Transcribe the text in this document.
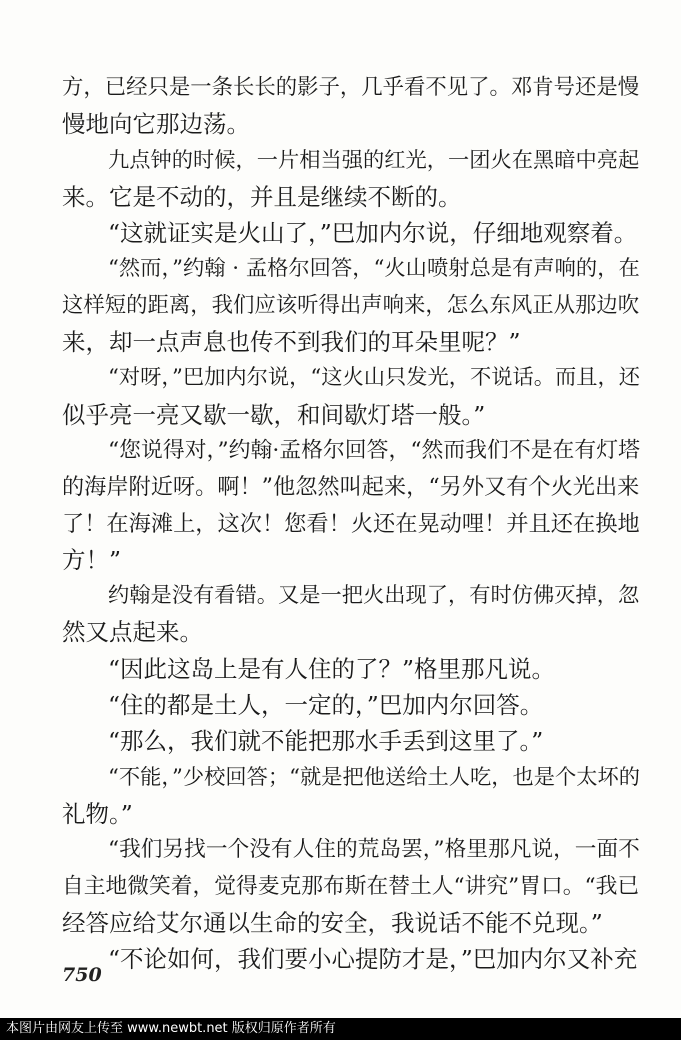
方，已经只是一条长长的影子，几乎看不见了。邓肯号还是慢
慢地向它那边荡。
九点钟的时候，一片相当强的红光，一团火在黑暗中亮起
来。它是不动的，并且是继续不断的。
“这就证实是火山了，”巴加内尔说，仔细地观察着。
“然而，”约翰 · 孟格尔回答，“火山喷射总是有声响的，在
这样短的距离，我们应该听得出声响来，怎么东风正从那边吹
来，却一点声息也传不到我们的耳朵里呢？”
“对呀，”巴加内尔说，“这火山只发光，不说话。而且，还
似乎亮一亮又歇一歇，和间歇灯塔一般。”
“您说得对，”约翰·孟格尔回答，“然而我们不是在有灯塔
的海岸附近呀。啊！”他忽然叫起来，“另外又有个火光出来
了！在海滩上，这次！您看！火还在晃动哩！并且还在换地
方！”
约翰是没有看错。又是一把火出现了，有时仿佛灭掉，忽
然又点起来。
“因此这岛上是有人住的了？”格里那凡说。
“住的都是土人，一定的，”巴加内尔回答。
“那么，我们就不能把那水手丢到这里了。”
“不能，”少校回答；“就是把他送给土人吃，也是个太坏的
礼物。”
“我们另找一个没有人住的荒岛罢，”格里那凡说，一面不
自主地微笑着，觉得麦克那布斯在替土人“讲究”胃口。“我已
经答应给艾尔通以生命的安全，我说话不能不兑现。”
“不论如何，我们要小心提防才是，”巴加内尔又补充
750
本图片由网友上传至 www.newbt.net 版权归原作者所有
